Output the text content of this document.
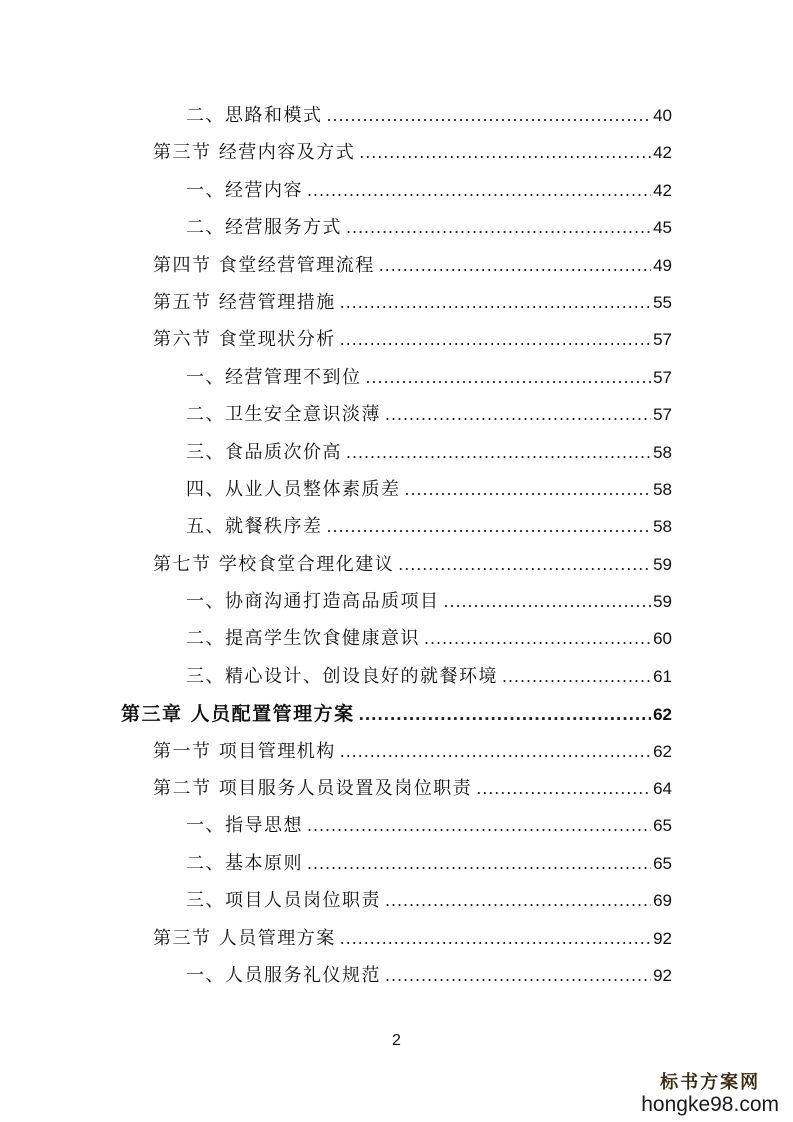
二、思路和模式 .....	40
第三节 经营内容及方式 .....	42
一、经营内容 .....	42
二、经营服务方式 .....	45
第四节 食堂经营管理流程 .....	49
第五节 经营管理措施 .....	55
第六节 食堂现状分析 .....	57
一、经营管理不到位 .....	57
二、卫生安全意识淡薄 .....	57
三、食品质次价高 .....	58
四、从业人员整体素质差 .....	58
五、就餐秩序差 .....	58
第七节 学校食堂合理化建议 .....	59
一、协商沟通打造高品质项目 .....	59
二、提高学生饮食健康意识 .....	60
三、精心设计、创设良好的就餐环境 .....	61
第三章 人员配置管理方案 .....	62
第一节 项目管理机构 .....	62
第二节 项目服务人员设置及岗位职责 .....	64
一、指导思想 .....	65
二、基本原则 .....	65
三、项目人员岗位职责 .....	69
第三节 人员管理方案 .....	92
一、人员服务礼仪规范 .....	92
2
标书方案网
hongke98.com
